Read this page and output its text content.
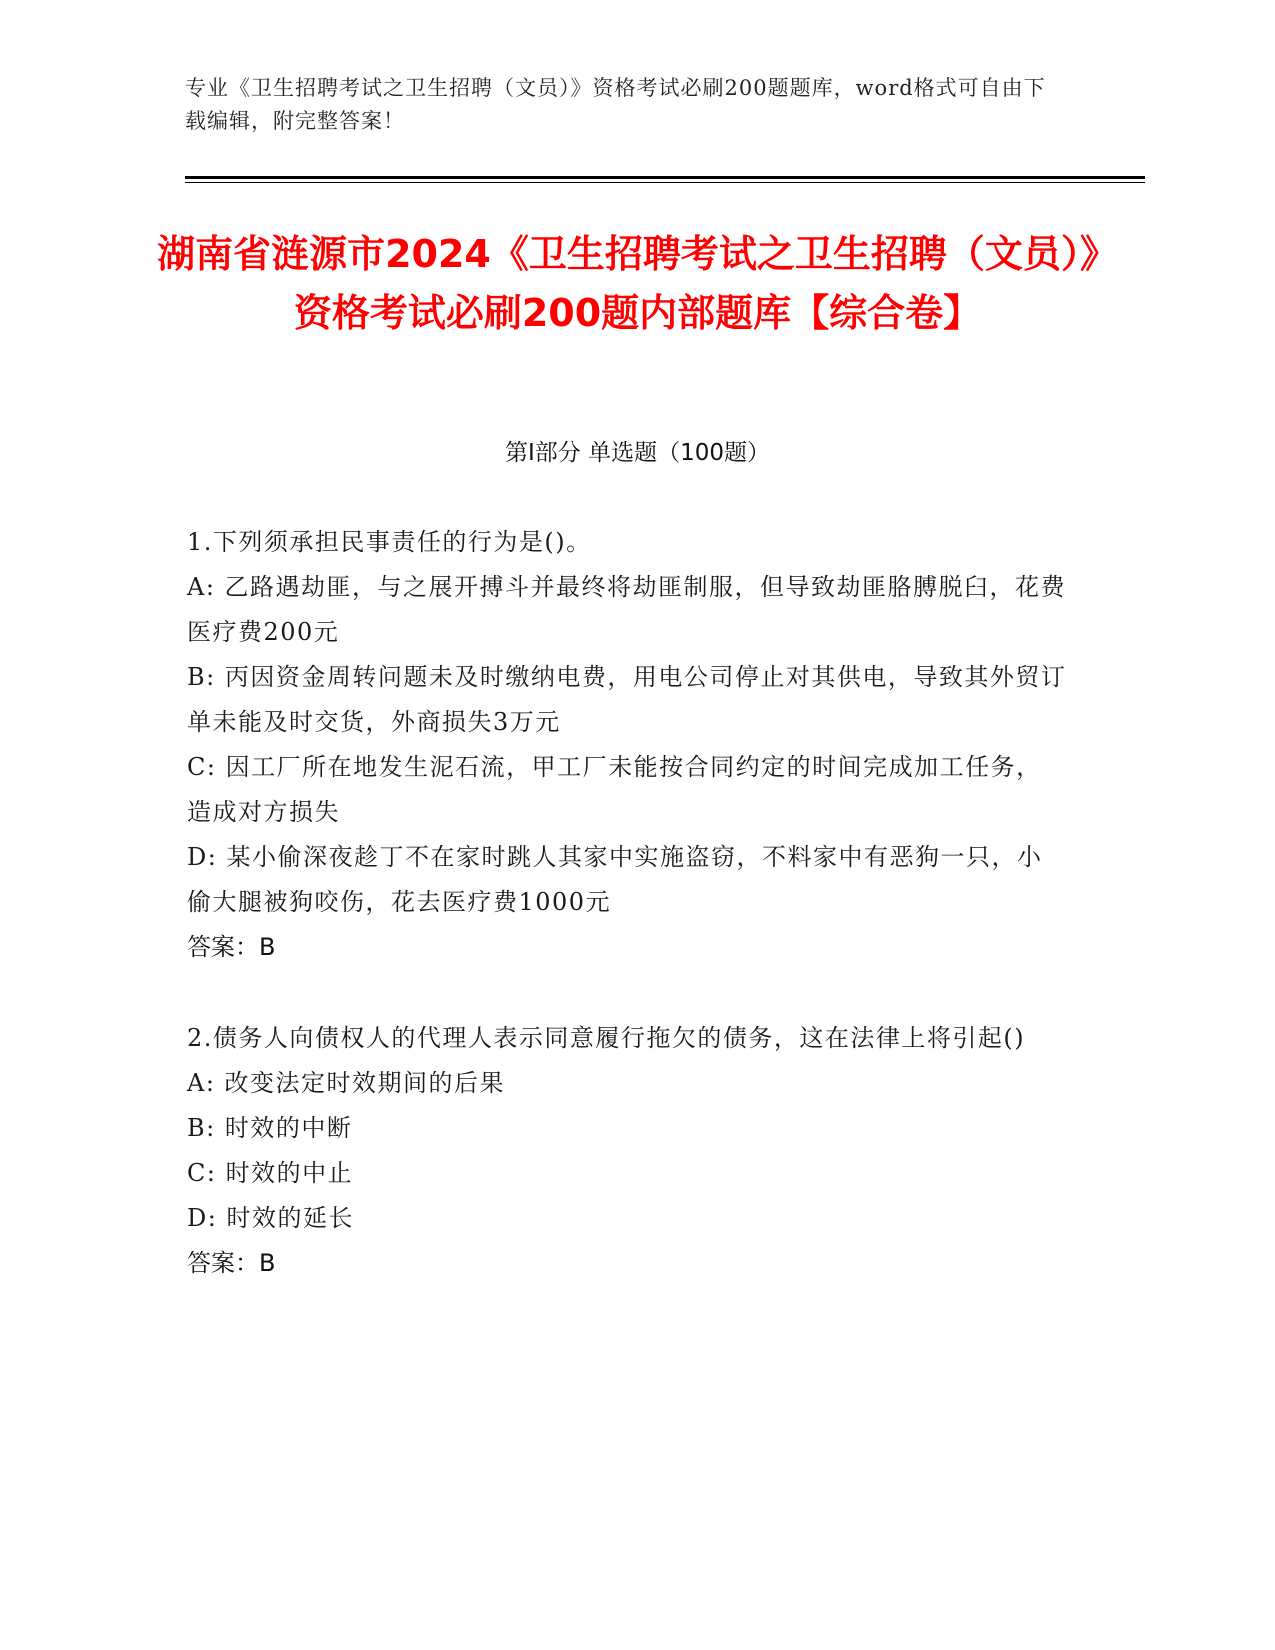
专业《卫生招聘考试之卫生招聘（文员）》资格考试必刷200题题库，word格式可自由下载编辑，附完整答案！
湖南省涟源市2024《卫生招聘考试之卫生招聘（文员）》资格考试必刷200题内部题库【综合卷】
第I部分 单选题（100题）

1.下列须承担民事责任的行为是()。

A: 乙路遇劫匪，与之展开搏斗并最终将劫匪制服，但导致劫匪胳膊脱臼，花费医疗费200元

B: 丙因资金周转问题未及时缴纳电费，用电公司停止对其供电，导致其外贸订单未能及时交货，外商损失3万元

C: 因工厂所在地发生泥石流，甲工厂未能按合同约定的时间完成加工任务，造成对方损失

D: 某小偷深夜趁丁不在家时跳人其家中实施盗窃，不料家中有恶狗一只，小偷大腿被狗咬伤，花去医疗费1000元

答案：B

2.债务人向债权人的代理人表示同意履行拖欠的债务，这在法律上将引起()

A: 改变法定时效期间的后果

B: 时效的中断

C: 时效的中止

D: 时效的延长

答案：B
